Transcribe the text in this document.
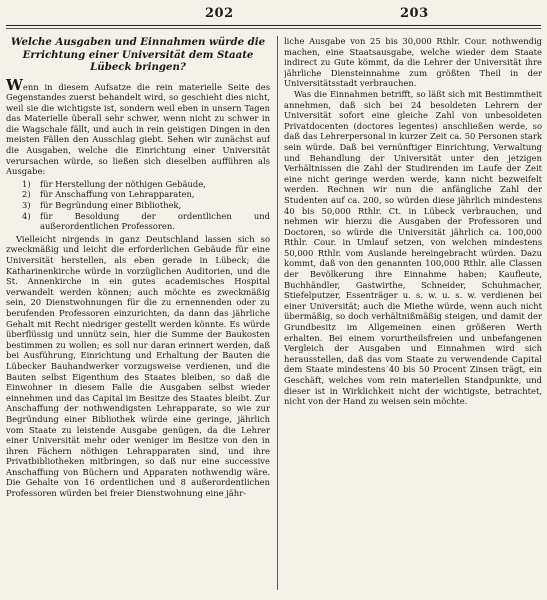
202	203
Welche Ausgaben und Einnahmen würde die Errichtung einer Universität dem Staate Lübeck bringen?

Wenn in diesem Aufsatze die rein materielle Seite des Gegenstandes zuerst behandelt wird, so geschieht dies nicht, weil sie die wichtigste ist, sondern weil eben in unsern Tagen das Materielle überall sehr schwer, wenn nicht zu schwer in die Wagschale fällt, und auch in rein geistigen Dingen in den meisten Fällen den Ausschlag giebt. Sehen wir zunächst auf die Ausgaben, welche die Einrichtung einer Universität verursachen würde, so ließen sich dieselben aufführen als Ausgabe:

1) für Herstellung der nöthigen Gebäude,
2) für Anschaffung von Lehrapparaten,
3) für Begründung einer Bibliothek,
4) für Besoldung der ordentlichen und außerordentlichen Professoren.

Vielleicht nirgends in ganz Deutschland lassen sich so zweckmäßig und leicht die erforderlichen Gebäude für eine Universität herstellen, als eben gerade in Lübeck; die Katharinenkirche würde in vorzüglichen Auditorien, und die St. Annenkirche in ein gutes academisches Hospital verwandelt werden können; auch möchte es zweckmäßig sein, 20 Dienstwohnungen für die zu ernennenden oder zu berufenden Professoren einzurichten, da dann das jährliche Gehalt mit Recht niedriger gestellt werden könnte. Es würde überflüssig und unnütz sein, hier die Summe der Baukosten bestimmen zu wollen; es soll nur daran erinnert werden, daß bei Ausführung, Einrichtung und Erhaltung der Bauten die Lübecker Bauhandwerker vorzugsweise verdienen, und die Bauten selbst Eigenthum des Staates bleiben, so daß die Einwohner in diesem Falle die Ausgaben selbst wieder einnehmen und das Capital im Besitze des Staates bleibt. Zur Anschaffung der nothwendigsten Lehrapparate, so wie zur Begründung einer Bibliothek würde eine geringe, jährlich vom Staate zu leistende Ausgabe genügen, da die Lehrer einer Universität mehr oder weniger im Besitze von den in ihren Fächern nöthigen Lehrapparaten sind, und ihre Privatbibliotheken mitbringen, so daß nur eine successive Anschaffung von Büchern und Apparaten nothwendig wäre. Die Gehalte von 16 ordentlichen und 8 außerordentlichen Professoren würden bei freier Dienstwohnung eine jähr-

liche Ausgabe von 25 bis 30,000 Rthlr. Cour. nothwendig machen, eine Staatsausgabe, welche wieder dem Staate indirect zu Gute kömmt, da die Lehrer der Universität ihre jährliche Diensteinnahme zum größten Theil in der Universitätsstadt verbrauchen.

Was die Einnahmen betrifft, so läßt sich mit Bestimmtheit annehmen, daß sich bei 24 besoldeten Lehrern der Universität sofort eine gleiche Zahl von unbesoldeten Privatdocenten (doctores legentes) anschließen werde, so daß das Lehrerpersonal in kurzer Zeit ca. 50 Personen stark sein würde. Daß bei vernünftiger Einrichtung, Verwaltung und Behandlung der Universität unter den jetzigen Verhältnissen die Zahl der Studirenden im Laufe der Zeit eine nicht geringe werden werde, kann nicht bezweifelt werden. Rechnen wir nun die anfängliche Zahl der Studenten auf ca. 200, so würden diese jährlich mindestens 40 bis 50,000 Rthlr. Ct. in Lübeck verbrauchen, und nehmen wir hierzu die Ausgaben der Professoren und Doctoren, so würde die Universität jährlich ca. 100,000 Rthlr. Cour. in Umlauf setzen, von welchen mindestens 50,000 Rthlr. vom Auslande hereingebracht würden. Dazu kommt, daß von den genannten 100,000 Rthlr. alle Classen der Bevölkerung ihre Einnahme haben; Kaufleute, Buchhändler, Gastwirthe, Schneider, Schuhmacher, Stiefelputzer, Essenträger u. s. w. u. s. w. verdienen bei einer Universität; auch die Miethe würde, wenn auch nicht übermäßig, so doch verhältnißmäßig steigen, und damit der Grundbesitz im Allgemeinen einen größeren Werth erhalten. Bei einem vorurtheilsfreien und unbefangenen Vergleich der Ausgaben und Einnahmen wird sich herausstellen, daß das vom Staate zu verwendende Capital dem Staate mindestens 40 bis 50 Procent Zinsen trägt, ein Geschäft, welches vom rein materiellen Standpunkte, und dieser ist in Wirklichkeit nicht der wichtigste, betrachtet, nicht von der Hand zu weisen sein möchte.
